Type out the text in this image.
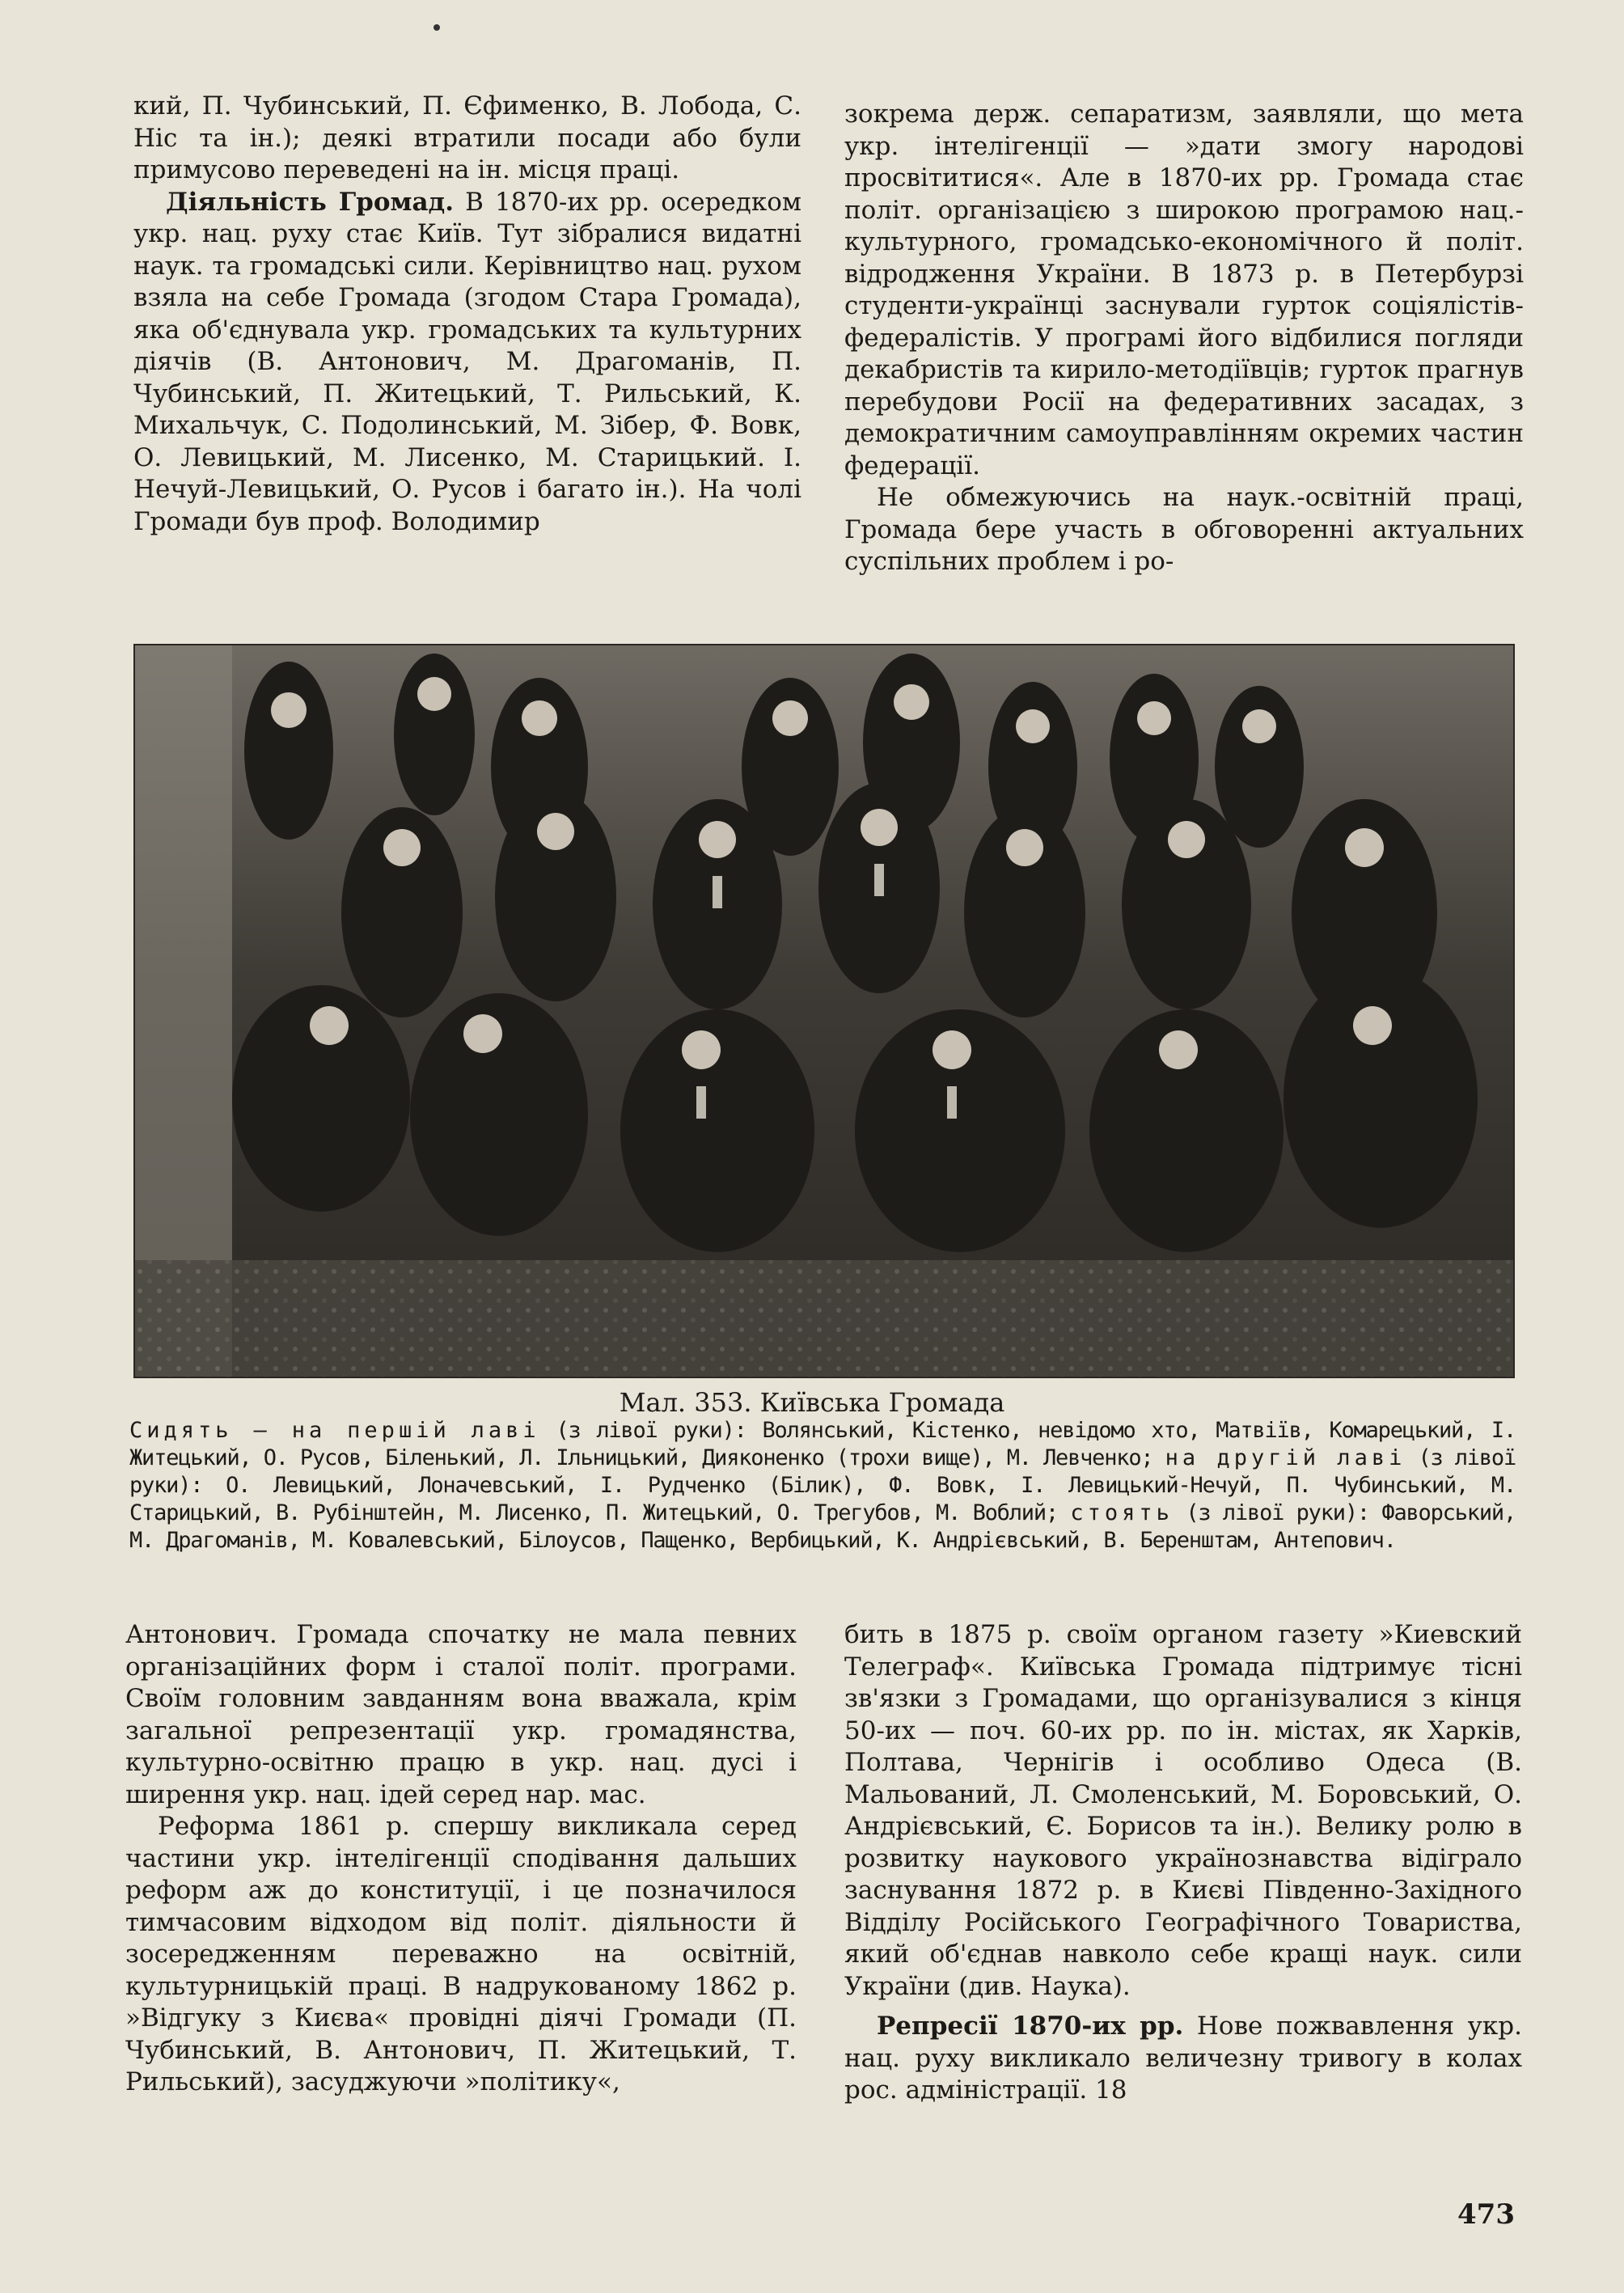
кий, П. Чубинський, П. Єфименко, В. Лобода, С. Ніс та ін.); деякі втратили посади або були примусово переведені на ін. місця праці.

Діяльність Громад. В 1870-их рр. осередком укр. нац. руху стає Київ. Тут зібралися видатні наук. та громадські сили. Керівництво нац. рухом взяла на себе Громада (згодом Стара Громада), яка об'єднувала укр. громадських та культурних діячів (В. Антонович, М. Драгоманів, П. Чубинський, П. Житецький, Т. Рильський, К. Михальчук, С. Подолинський, М. Зібер, Ф. Вовк, О. Левицький, М. Лисенко, М. Старицький. І. Нечуй-Левицький, О. Русов і багато ін.). На чолі Громади був проф. Володимир

зокрема держ. сепаратизм, заявляли, що мета укр. інтелігенції — »дати змогу народові просвітитися«. Але в 1870-их рр. Громада стає політ. організацією з широкою програмою нац.-культурного, громадсько-економічного й політ. відродження України. В 1873 р. в Петербурзі студенти-українці заснували гурток соціялістів-федералістів. У програмі його відбилися погляди декабристів та кирило-методіївців; гурток прагнув перебудови Росії на федеративних засадах, з демократичним самоуправлінням окремих частин федерації.

Не обмежуючись на наук.-освітній праці, Громада бере участь в обговоренні актуальних суспільних проблем і ро-

Мал. 353. Київська Громада
Сидять — на першій лаві (з лівої руки): Волянський, Кістенко, невідомо хто, Матвіїв, Комарецький, І. Житецький, О. Русов, Біленький, Л. Ільницький, Дияконенко (трохи вище), М. Левченко; на другій лаві (з лівої руки): О. Левицький, Лоначевський, І. Рудченко (Білик), Ф. Вовк, І. Левицький-Нечуй, П. Чубинський, М. Старицький, В. Рубінштейн, М. Лисенко, П. Житецький, О. Трегубов, М. Воблий; стоять (з лівої руки): Фаворський, М. Драгоманів, М. Ковалевський, Білоусов, Пащенко, Вербицький, К. Андрієвський, В. Беренштам, Антепович.

Антонович. Громада спочатку не мала певних організаційних форм і сталої політ. програми. Своїм головним завданням вона вважала, крім загальної репрезентації укр. громадянства, культурно-освітню працю в укр. нац. дусі і ширення укр. нац. ідей серед нар. мас.

Реформа 1861 р. спершу викликала серед частини укр. інтелігенції сподівання дальших реформ аж до конституції, і це позначилося тимчасовим відходом від політ. діяльности й зосередженням переважно на освітній, культурницькій праці. В надрукованому 1862 р. »Відгуку з Києва« провідні діячі Громади (П. Чубинський, В. Антонович, П. Житецький, Т. Рильський), засуджуючи »політику«,

бить в 1875 р. своїм органом газету »Киевский Телеграф«. Київська Громада підтримує тісні зв'язки з Громадами, що організувалися з кінця 50-их — поч. 60-их рр. по ін. містах, як Харків, Полтава, Чернігів і особливо Одеса (В. Мальований, Л. Смоленський, М. Боровський, О. Андрієвський, Є. Борисов та ін.). Велику ролю в розвитку наукового українознавства відіграло заснування 1872 р. в Києві Південно-Західного Відділу Російського Географічного Товариства, який об'єднав навколо себе кращі наук. сили України (див. Наука).

Репресії 1870-их рр. Нове пожвавлення укр. нац. руху викликало величезну тривогу в колах рос. адміністрації. 18

473
